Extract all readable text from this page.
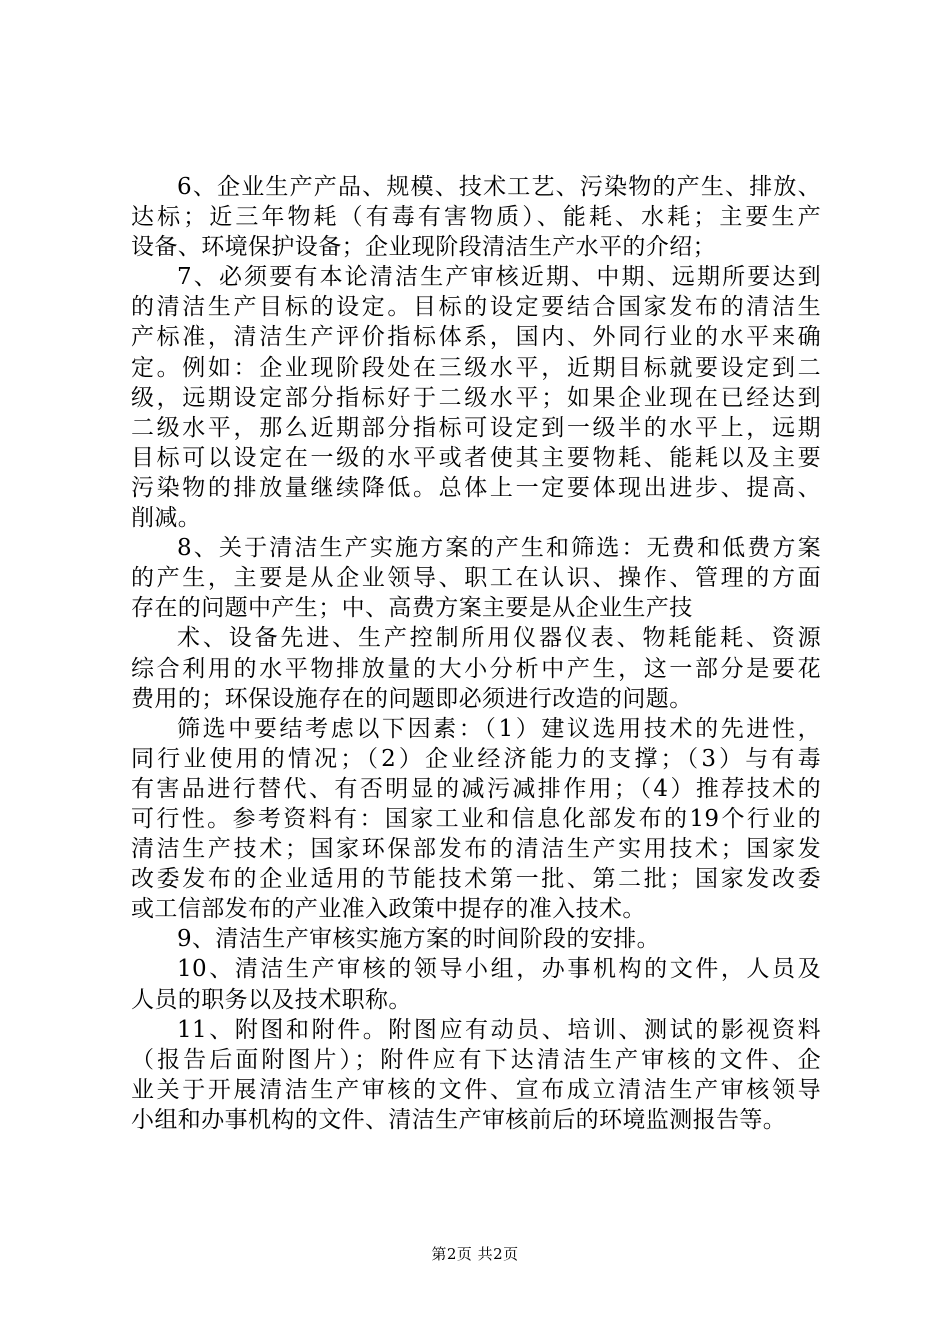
6、企业生产产品、规模、技术工艺、污染物的产生、排放、
达标；近三年物耗（有毒有害物质）、能耗、水耗；主要生产
设备、环境保护设备；企业现阶段清洁生产水平的介绍；
7、必须要有本论清洁生产审核近期、中期、远期所要达到
的清洁生产目标的设定。目标的设定要结合国家发布的清洁生
产标准，清洁生产评价指标体系，国内、外同行业的水平来确
定。例如：企业现阶段处在三级水平，近期目标就要设定到二
级，远期设定部分指标好于二级水平；如果企业现在已经达到
二级水平，那么近期部分指标可设定到一级半的水平上，远期
目标可以设定在一级的水平或者使其主要物耗、能耗以及主要
污染物的排放量继续降低。总体上一定要体现出进步、提高、
削减。
8、关于清洁生产实施方案的产生和筛选：无费和低费方案
的产生，主要是从企业领导、职工在认识、操作、管理的方面
存在的问题中产生；中、高费方案主要是从企业生产技
术、设备先进、生产控制所用仪器仪表、物耗能耗、资源
综合利用的水平物排放量的大小分析中产生，这一部分是要花
费用的；环保设施存在的问题即必须进行改造的问题。
筛选中要结考虑以下因素：（1）建议选用技术的先进性，
同行业使用的情况；（2）企业经济能力的支撑；（3）与有毒
有害品进行替代、有否明显的减污减排作用；（4）推荐技术的
可行性。参考资料有：国家工业和信息化部发布的19个行业的
清洁生产技术；国家环保部发布的清洁生产实用技术；国家发
改委发布的企业适用的节能技术第一批、第二批；国家发改委
或工信部发布的产业准入政策中提存的准入技术。
9、清洁生产审核实施方案的时间阶段的安排。
10、清洁生产审核的领导小组，办事机构的文件，人员及
人员的职务以及技术职称。
11、附图和附件。附图应有动员、培训、测试的影视资料
（报告后面附图片）；附件应有下达清洁生产审核的文件、企
业关于开展清洁生产审核的文件、宣布成立清洁生产审核领导
小组和办事机构的文件、清洁生产审核前后的环境监测报告等。
第2页 共2页
